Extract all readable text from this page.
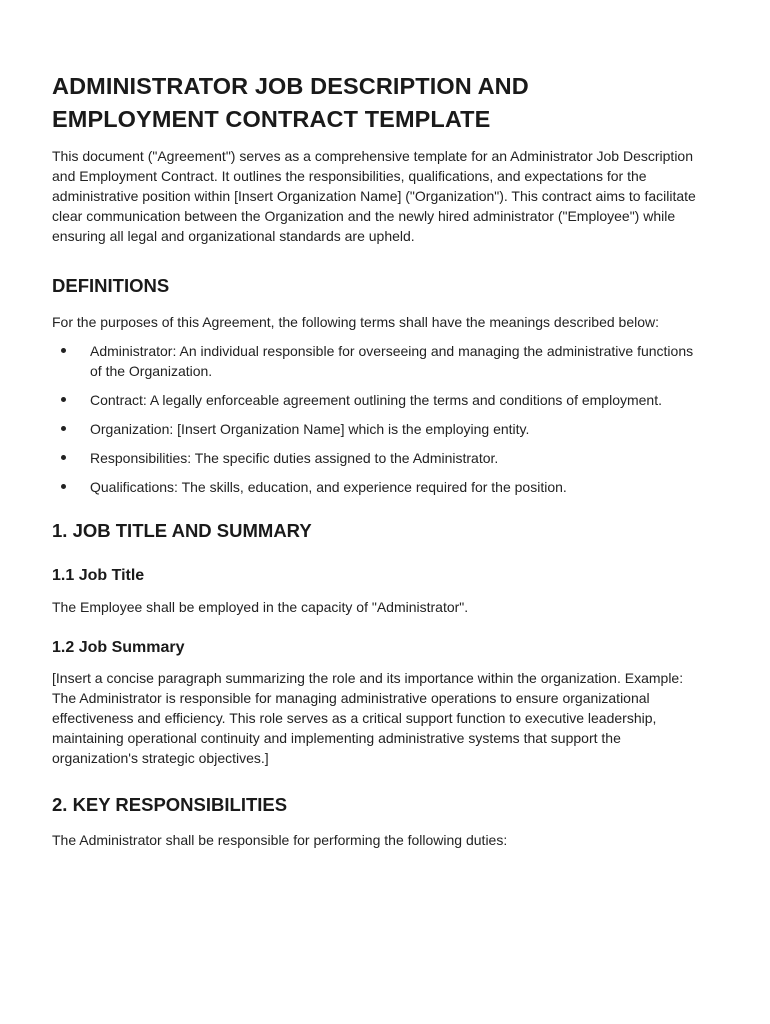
ADMINISTRATOR JOB DESCRIPTION AND
EMPLOYMENT CONTRACT TEMPLATE

This document ("Agreement") serves as a comprehensive template for an Administrator Job Description and Employment Contract. It outlines the responsibilities, qualifications, and expectations for the administrative position within [Insert Organization Name] ("Organization"). This contract aims to facilitate clear communication between the Organization and the newly hired administrator ("Employee") while ensuring all legal and organizational standards are upheld.

DEFINITIONS

For the purposes of this Agreement, the following terms shall have the meanings described below:

Administrator: An individual responsible for overseeing and managing the administrative functions of the Organization.
Contract: A legally enforceable agreement outlining the terms and conditions of employment.
Organization: [Insert Organization Name] which is the employing entity.
Responsibilities: The specific duties assigned to the Administrator.
Qualifications: The skills, education, and experience required for the position.
1. JOB TITLE AND SUMMARY
1.1 Job Title

The Employee shall be employed in the capacity of "Administrator".

1.2 Job Summary

[Insert a concise paragraph summarizing the role and its importance within the organization. Example: The Administrator is responsible for managing administrative operations to ensure organizational effectiveness and efficiency. This role serves as a critical support function to executive leadership, maintaining operational continuity and implementing administrative systems that support the organization's strategic objectives.]

2. KEY RESPONSIBILITIES

The Administrator shall be responsible for performing the following duties:
